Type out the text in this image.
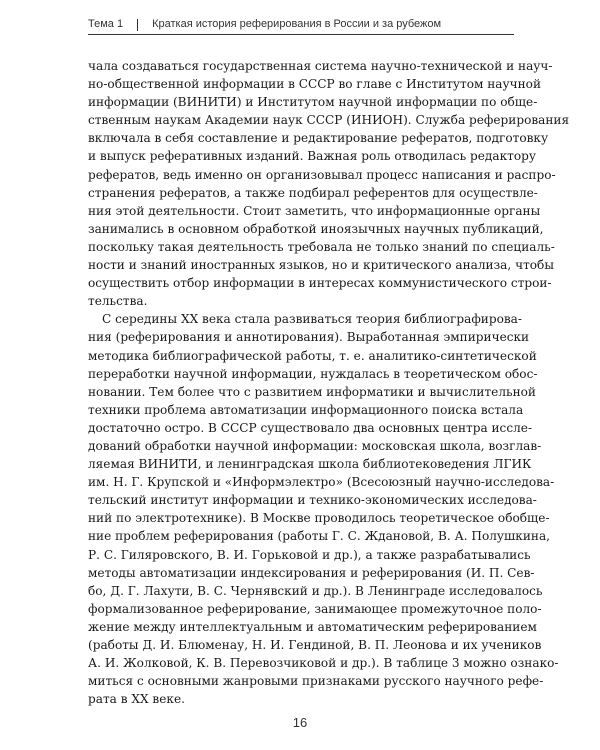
Тема 1	Краткая история реферирования в России и за рубежом
чала создаваться государственная система научно-технической и науч-
но-общественной информации в СССР во главе с Институтом научной
информации (ВИНИТИ) и Институтом научной информации по обще-
ственным наукам Академии наук СССР (ИНИОН). Служба реферирования
включала в себя составление и редактирование рефератов, подготовку
и выпуск реферативных изданий. Важная роль отводилась редактору
рефератов, ведь именно он организовывал процесс написания и распро-
странения рефератов, а также подбирал референтов для осуществле-
ния этой деятельности. Стоит заметить, что информационные органы
занимались в основном обработкой иноязычных научных публикаций,
поскольку такая деятельность требовала не только знаний по специаль-
ности и знаний иностранных языков, но и критического анализа, чтобы
осуществить отбор информации в интересах коммунистического строи-
тельства.
С середины XX века стала развиваться теория библиографирова-
ния (реферирования и аннотирования). Выработанная эмпирически
методика библиографической работы, т. е. аналитико-синтетической
переработки научной информации, нуждалась в теоретическом обос-
новании. Тем более что с развитием информатики и вычислительной
техники проблема автоматизации информационного поиска встала
достаточно остро. В СССР существовало два основных центра иссле-
дований обработки научной информации: московская школа, возглав-
ляемая ВИНИТИ, и ленинградская школа библиотековедения ЛГИК
им. Н. Г. Крупской и «Информэлектро» (Всесоюзный научно-исследова-
тельский институт информации и технико-экономических исследова-
ний по электротехнике). В Москве проводилось теоретическое обобще-
ние проблем реферирования (работы Г. С. Ждановой, В. А. Полушкина,
Р. С. Гиляровского, В. И. Горьковой и др.), а также разрабатывались
методы автоматизации индексирования и реферирования (И. П. Сев-
бо, Д. Г. Лахути, В. С. Чернявский и др.). В Ленинграде исследовалось
формализованное реферирование, занимающее промежуточное поло-
жение между интеллектуальным и автоматическим реферированием
(работы Д. И. Блюменау, Н. И. Гендиной, В. П. Леонова и их учеников
А. И. Жолковой, К. В. Перевозчиковой и др.). В таблице 3 можно ознако-
миться с основными жанровыми признаками русского научного рефе-
рата в XX веке.
16
